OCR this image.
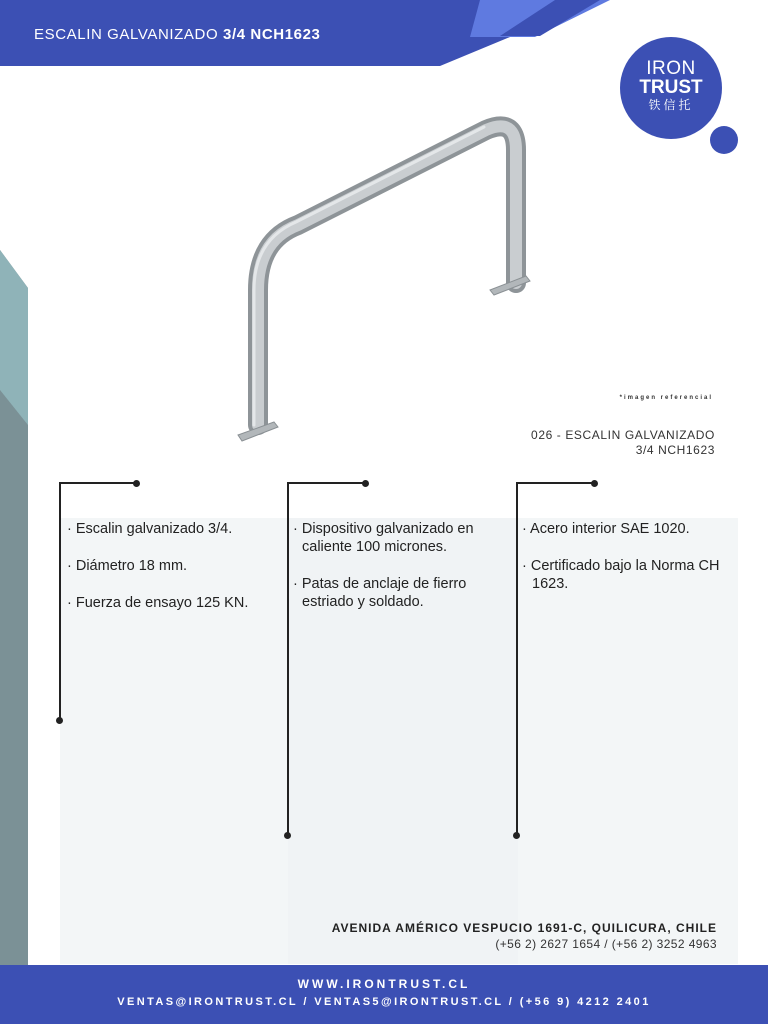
ESCALIN GALVANIZADO 3/4 NCH1623
IRON
TRUST
铁信托
*imagen referencial
026 - ESCALIN GALVANIZADO
3/4 NCH1623
· Escalin galvanizado 3/4.
· Diámetro 18 mm.
· Fuerza de ensayo 125 KN.
· Dispositivo galvanizado en caliente 100 micrones.
· Patas de anclaje de fierro estriado y soldado.
· Acero interior SAE 1020.
· Certificado bajo la Norma CH 1623.
AVENIDA AMÉRICO VESPUCIO 1691-C, QUILICURA, CHILE
(+56 2) 2627 1654 / (+56 2) 3252 4963
WWW.IRONTRUST.CL
VENTAS@IRONTRUST.CL / VENTAS5@IRONTRUST.CL / (+56 9) 4212 2401
